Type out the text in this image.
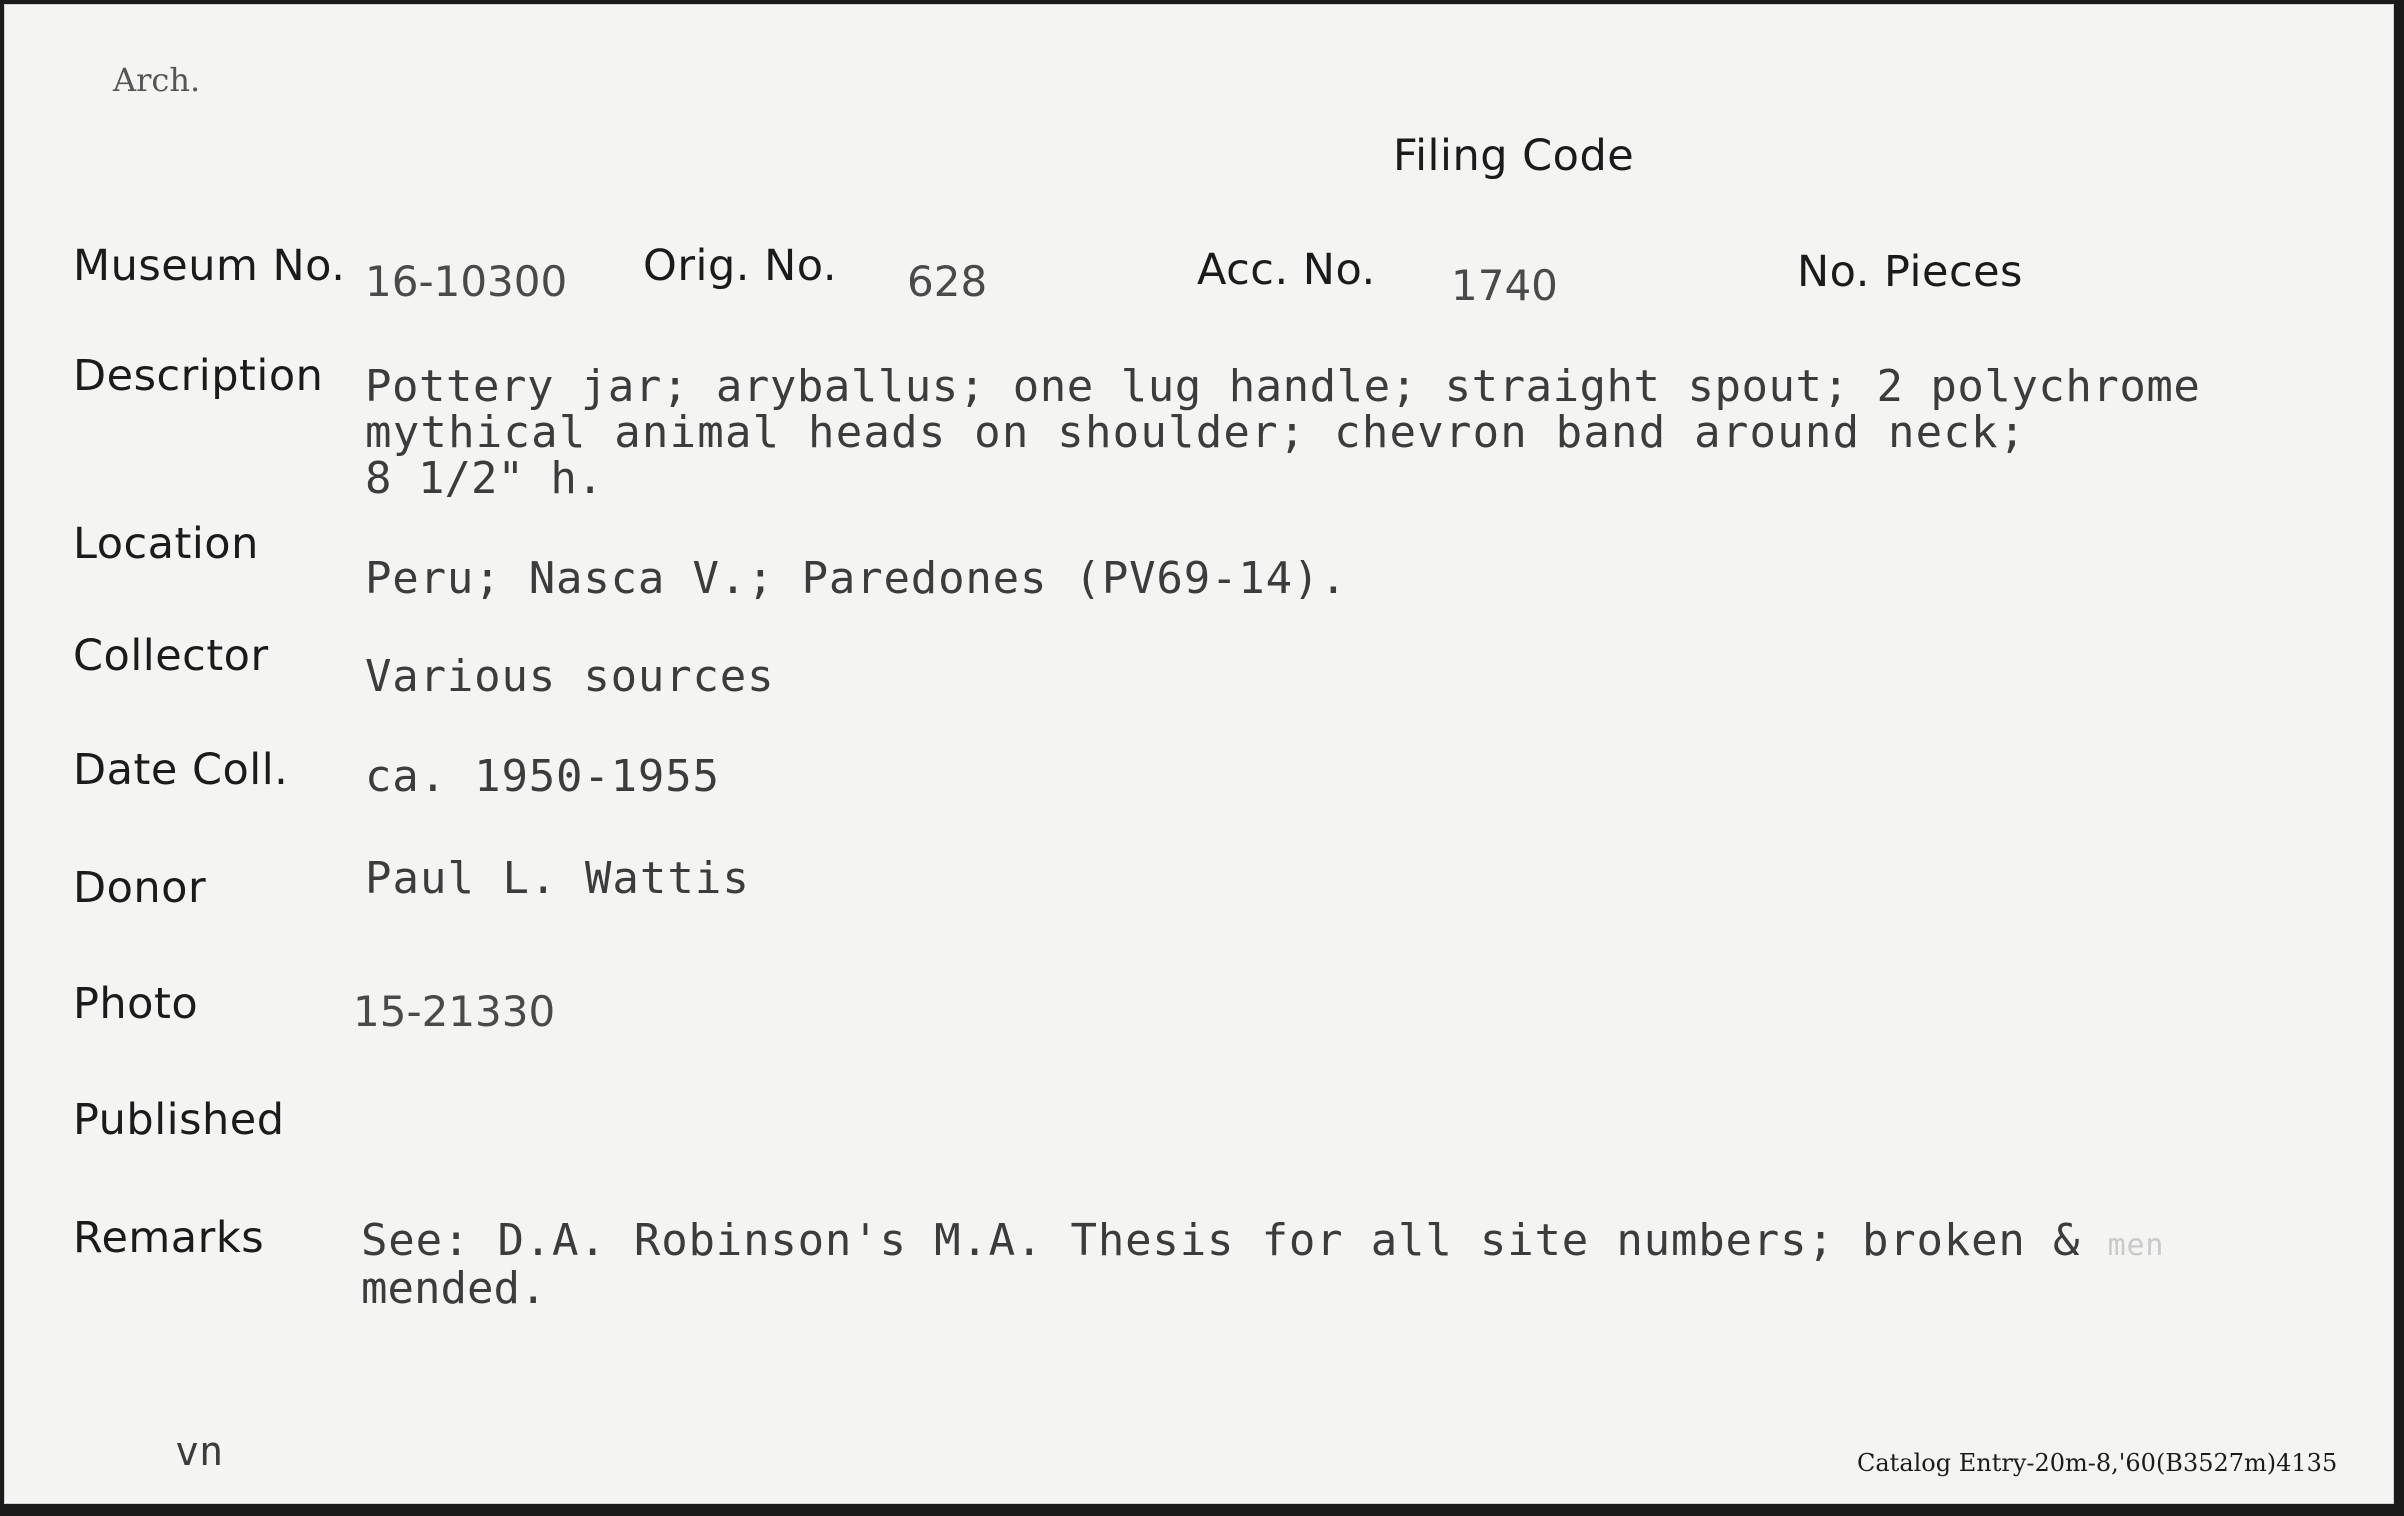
Arch.
Filing Code
Museum No. 16-10300 Orig. No. 628	Acc. No. 1740	No. Pieces
Description Pottery jar; aryballus; one lug handle; straight spout; 2 polychrome
mythical animal heads on shoulder; chevron band around neck;
8 1/2" h.
Location
Peru; Nasca V.; Paredones (PV69-14).
Collector Various sources
Date Coll. ca. 1950-1955
Donor	Paul L. Wattis
Photo	15-21330
Published
Remarks See: D.A. Robinson's M.A. Thesis for all site numbers; broken & men
mended.
vn	Catalog Entry-20m-8,'60(B3527m)4135
